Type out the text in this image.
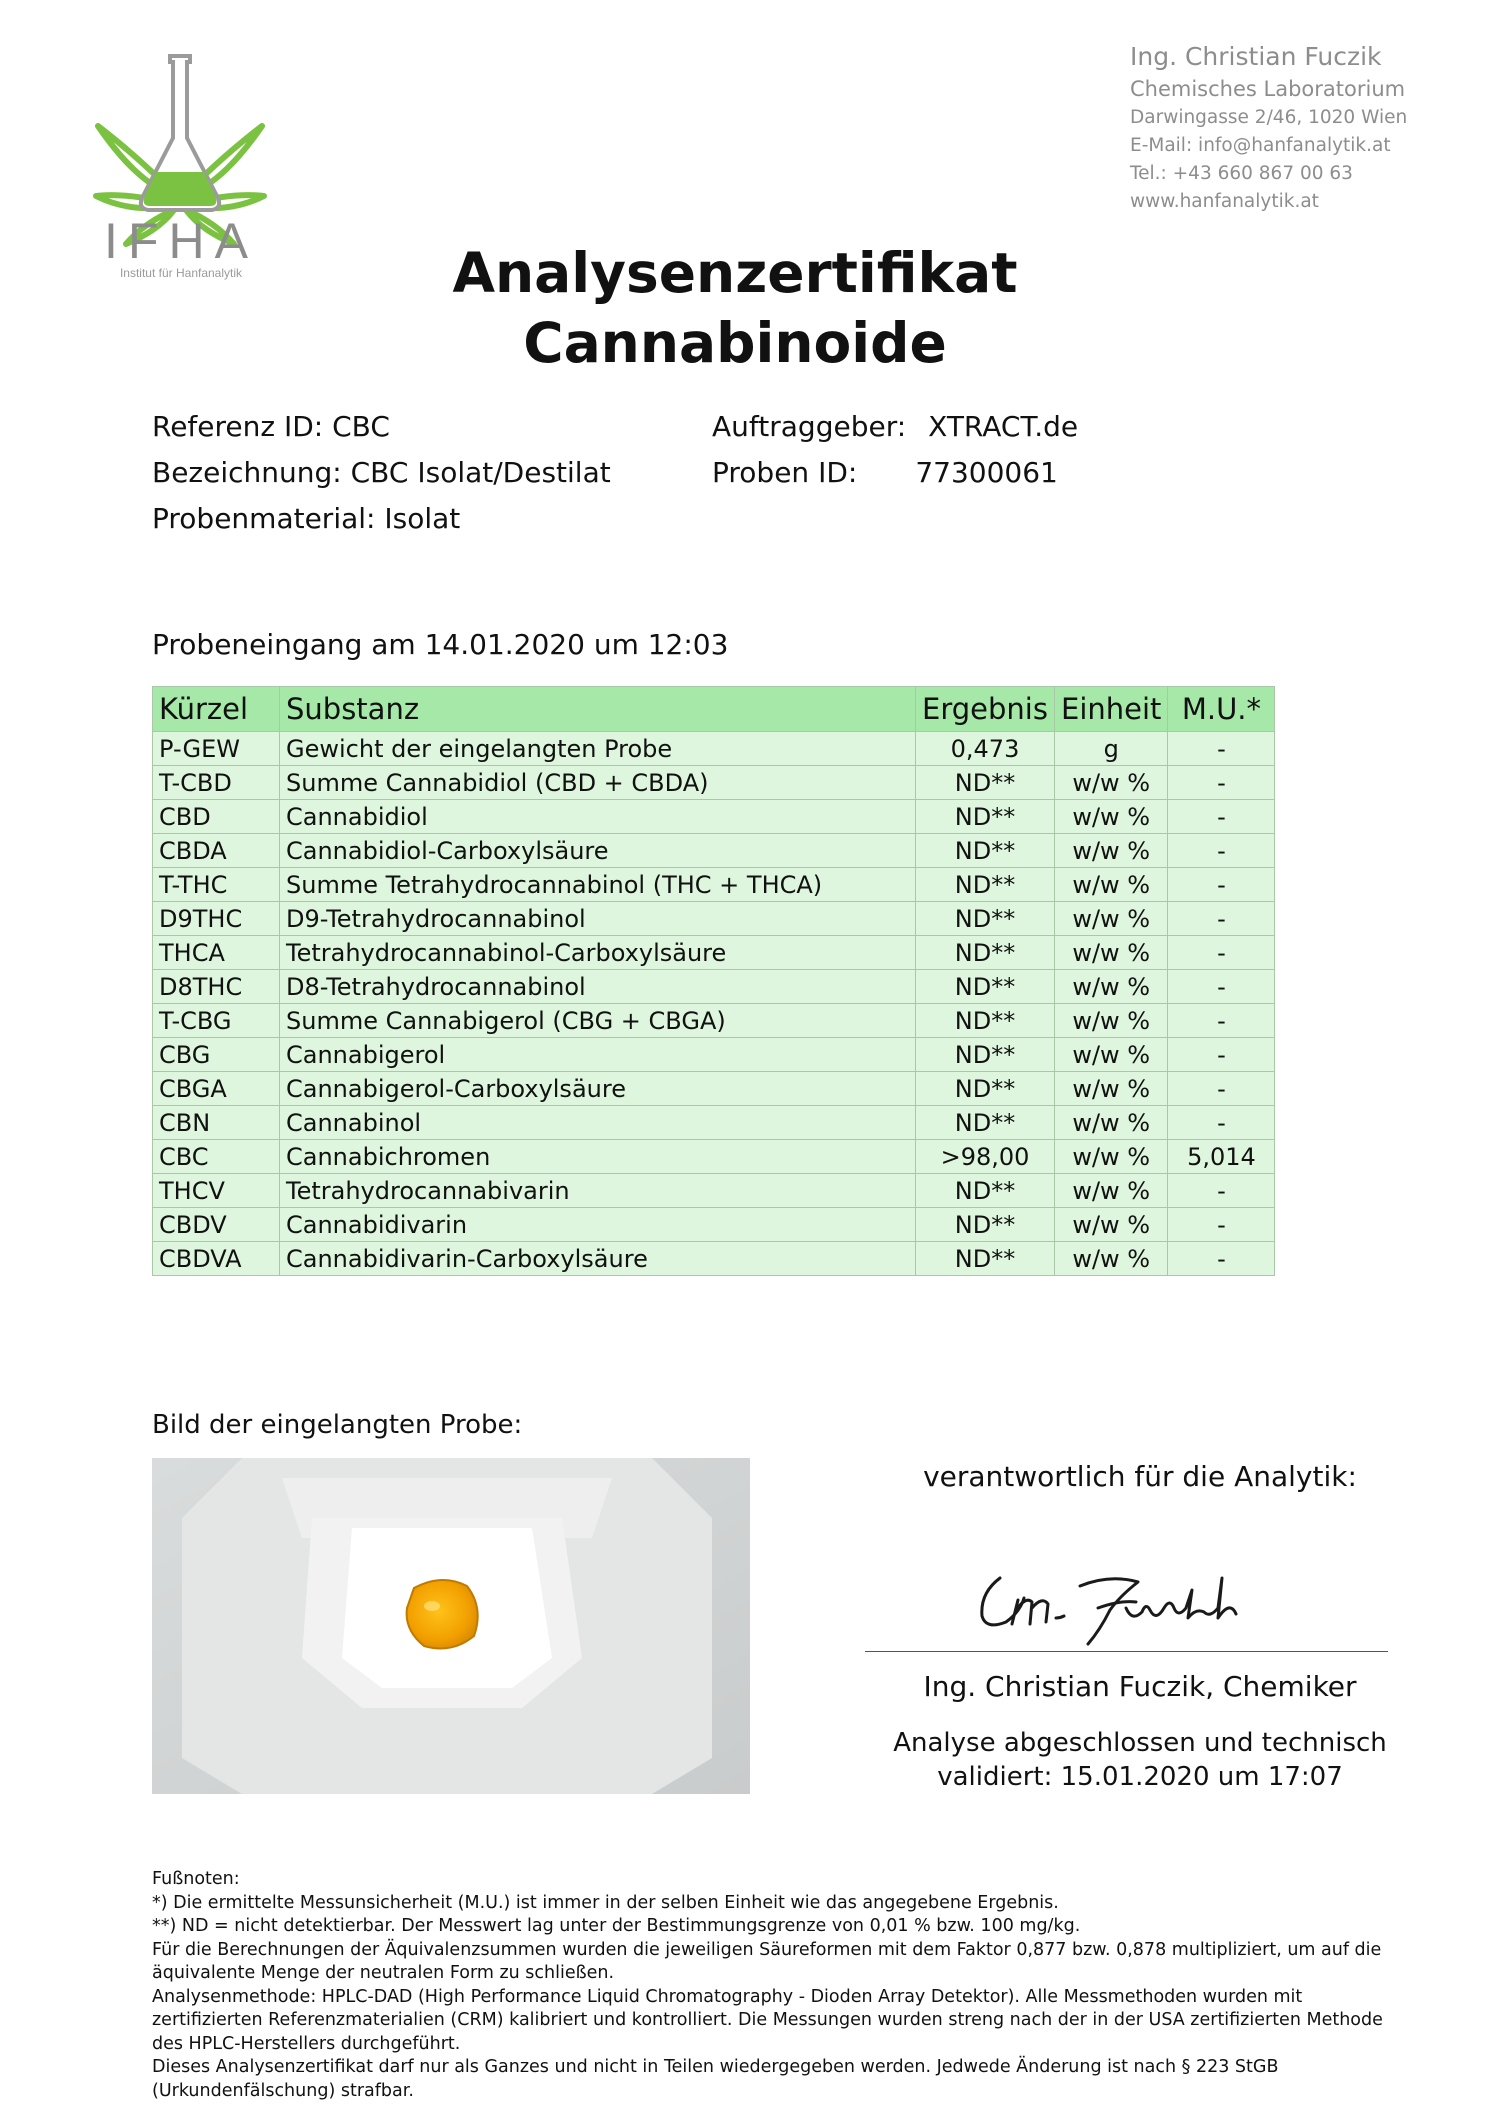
IFHA
Institut für Hanfanalytik
Ing. Christian Fuczik
Chemisches Laboratorium
Darwingasse 2/46, 1020 Wien
E-Mail: info@hanfanalytik.at
Tel.: +43 660 867 00 63
www.hanfanalytik.at
Analysenzertifikat
Cannabinoide
Referenz ID: CBC
Bezeichnung: CBC Isolat/Destilat
Probenmaterial: Isolat
Auftraggeber: XTRACT.de
Proben ID: 77300061
Probeneingang am 14.01.2020 um 12:03
Kürzel	Substanz	Ergebnis	Einheit	M.U.*
P-GEW	Gewicht der eingelangten Probe	0,473	g	-
T-CBD	Summe Cannabidiol (CBD + CBDA)	ND**	w/w %	-
CBD	Cannabidiol	ND**	w/w %	-
CBDA	Cannabidiol-Carboxylsäure	ND**	w/w %	-
T-THC	Summe Tetrahydrocannabinol (THC + THCA)	ND**	w/w %	-
D9THC	D9-Tetrahydrocannabinol	ND**	w/w %	-
THCA	Tetrahydrocannabinol-Carboxylsäure	ND**	w/w %	-
D8THC	D8-Tetrahydrocannabinol	ND**	w/w %	-
T-CBG	Summe Cannabigerol (CBG + CBGA)	ND**	w/w %	-
CBG	Cannabigerol	ND**	w/w %	-
CBGA	Cannabigerol-Carboxylsäure	ND**	w/w %	-
CBN	Cannabinol	ND**	w/w %	-
CBC	Cannabichromen	>98,00	w/w %	5,014
THCV	Tetrahydrocannabivarin	ND**	w/w %	-
CBDV	Cannabidivarin	ND**	w/w %	-
CBDVA	Cannabidivarin-Carboxylsäure	ND**	w/w %	-
Bild der eingelangten Probe:
verantwortlich für die Analytik:
Ing. Christian Fuczik, Chemiker
Analyse abgeschlossen und technisch
validiert: 15.01.2020 um 17:07

Fußnoten:

*) Die ermittelte Messunsicherheit (M.U.) ist immer in der selben Einheit wie das angegebene Ergebnis.

**) ND = nicht detektierbar. Der Messwert lag unter der Bestimmungsgrenze von 0,01 % bzw. 100 mg/kg.

Für die Berechnungen der Äquivalenzsummen wurden die jeweiligen Säureformen mit dem Faktor 0,877 bzw. 0,878 multipliziert, um auf die äquivalente Menge der neutralen Form zu schließen.

Analysenmethode: HPLC-DAD (High Performance Liquid Chromatography - Dioden Array Detektor). Alle Messmethoden wurden mit zertifizierten Referenzmaterialien (CRM) kalibriert und kontrolliert. Die Messungen wurden streng nach der in der USA zertifizierten Methode des HPLC-Herstellers durchgeführt.

Dieses Analysenzertifikat darf nur als Ganzes und nicht in Teilen wiedergegeben werden. Jedwede Änderung ist nach § 223 StGB (Urkundenfälschung) strafbar.
